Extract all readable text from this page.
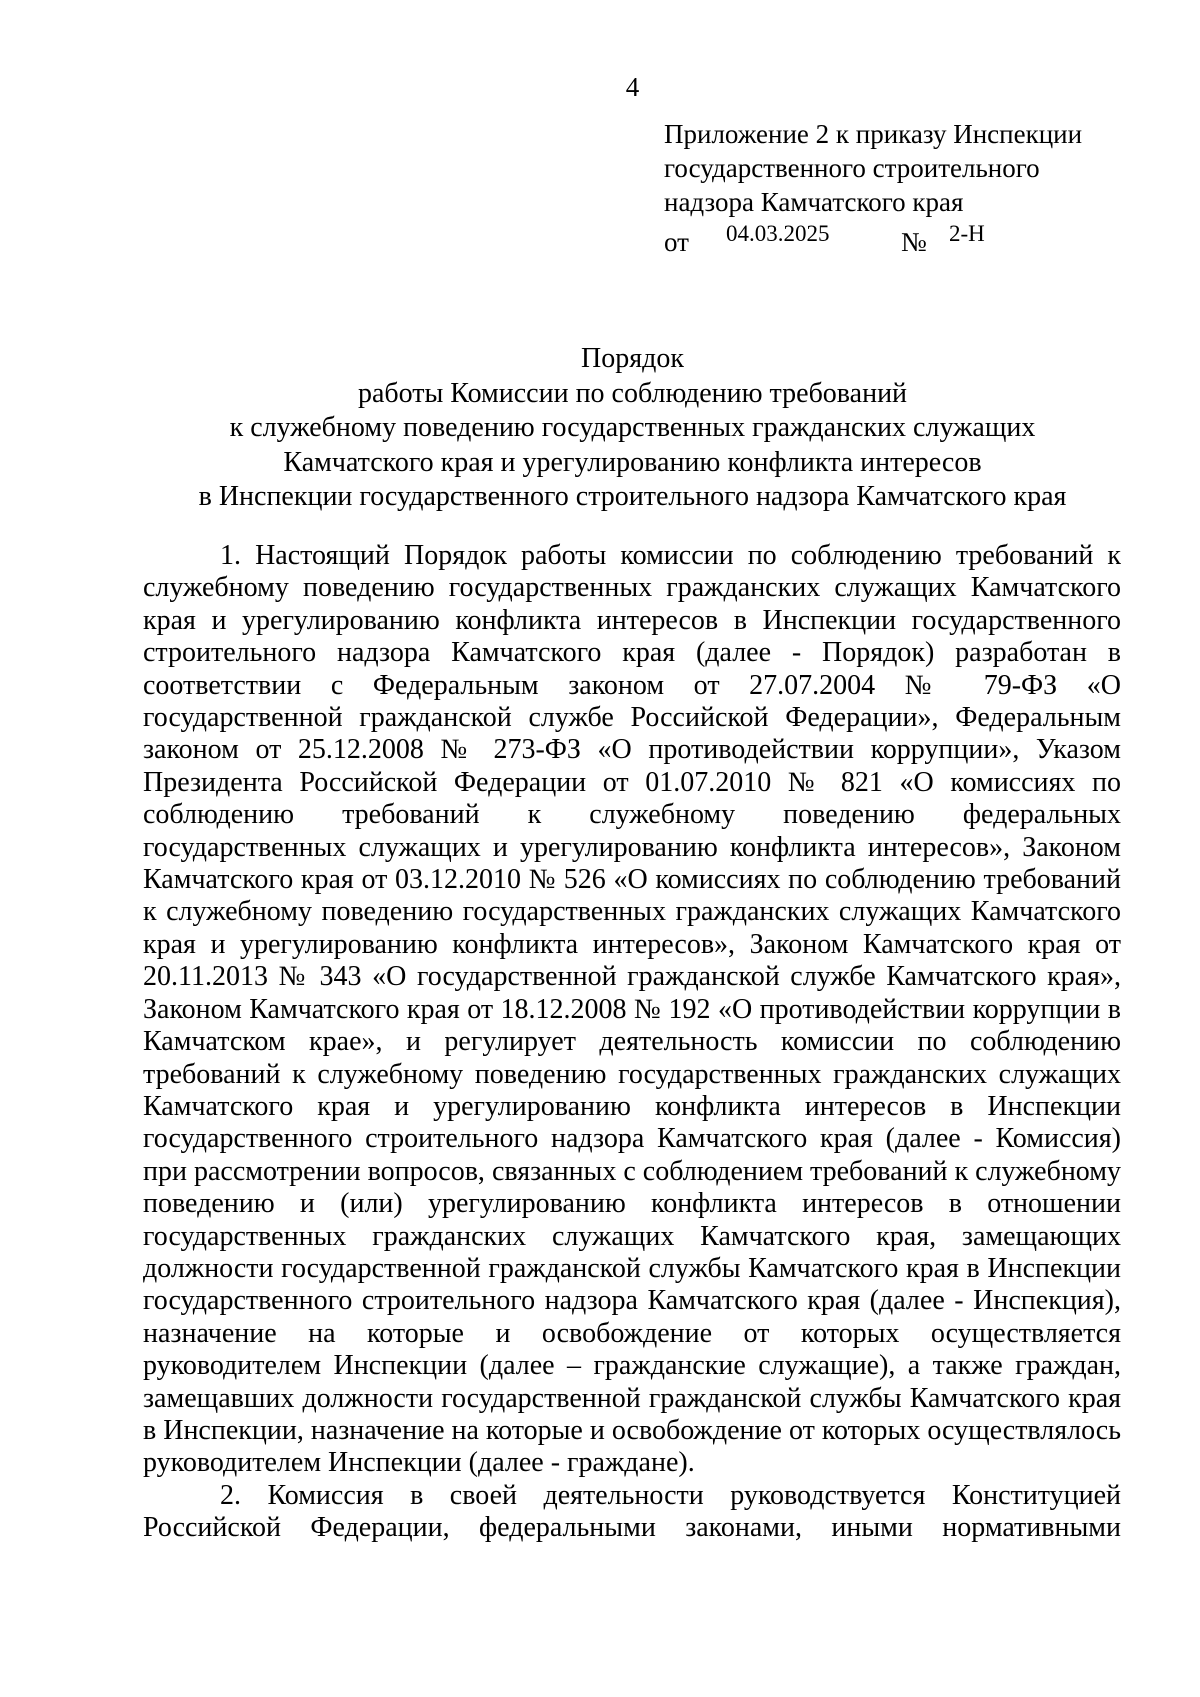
4
Приложение 2 к приказу Инспекции
государственного строительного
надзора Камчатского края
от 04.03.2025	№ 2-Н
Порядок
работы Комиссии по соблюдению требований
к служебному поведению государственных гражданских служащих
Камчатского края и урегулированию конфликта интересов
в Инспекции государственного строительного надзора Камчатского края

1. Настоящий Порядок работы комиссии по соблюдению требований к служебному поведению государственных гражданских служащих Камчатского края и урегулированию конфликта интересов в Инспекции государственного строительного надзора Камчатского края (далее - Порядок) разработан в соответствии с Федеральным законом от 27.07.2004 № 79-ФЗ «О государственной гражданской службе Российской Федерации», Федеральным законом от 25.12.2008 № 273-ФЗ «О противодействии коррупции», Указом Президента Российской Федерации от 01.07.2010 № 821 «О комиссиях по соблюдению требований к служебному поведению федеральных государственных служащих и урегулированию конфликта интересов», Законом Камчатского края от 03.12.2010 № 526 «О комиссиях по соблюдению требований к служебному поведению государственных гражданских служащих Камчатского края и урегулированию конфликта интересов», Законом Камчатского края от 20.11.2013 № 343 «О государственной гражданской службе Камчатского края», Законом Камчатского края от 18.12.2008 № 192 «О противодействии коррупции в Камчатском крае», и регулирует деятельность комиссии по соблюдению требований к служебному поведению государственных гражданских служащих Камчатского края и урегулированию конфликта интересов в Инспекции государственного строительного надзора Камчатского края (далее - Комиссия) при рассмотрении вопросов, связанных с соблюдением требований к служебному поведению и (или) урегулированию конфликта интересов в отношении государственных гражданских служащих Камчатского края, замещающих должности государственной гражданской службы Камчатского края в Инспекции государственного строительного надзора Камчатского края (далее - Инспекция), назначение на которые и освобождение от которых осуществляется руководителем Инспекции (далее – гражданские служащие), а также граждан, замещавших должности государственной гражданской службы Камчатского края в Инспекции, назначение на которые и освобождение от которых осуществлялось руководителем Инспекции (далее - граждане).

2. Комиссия в своей деятельности руководствуется Конституцией Российской Федерации, федеральными законами, иными нормативными
